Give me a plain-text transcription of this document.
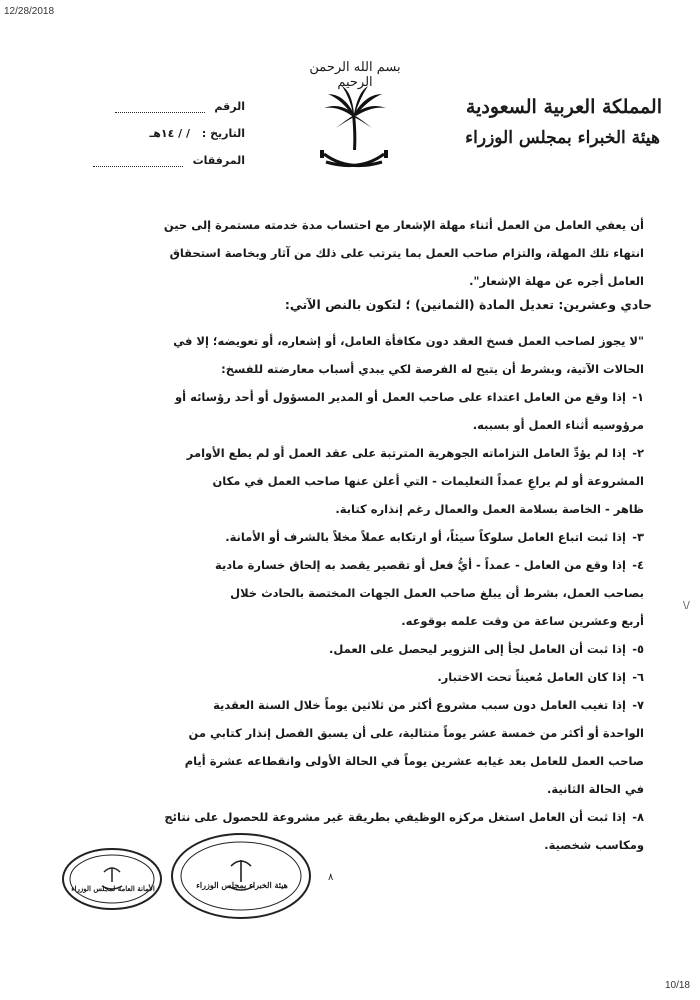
12/28/2018
بسم الله الرحمن الرحيم
المملكة العربية السعودية
هيئة الخبراء بمجلس الوزراء
الرقم
التاريخ : / / ١٤هـ
المرفقات

أن يعفي العامل من العمل أثناء مهلة الإشعار مع احتساب مدة خدمته مستمرة إلى حين

انتهاء تلك المهلة، والتزام صاحب العمل بما يترتب على ذلك من آثار وبخاصة استحقاق

العامل أجره عن مهلة الإشعار".

حادي وعشرين: تعديل المادة (الثمانين) ؛ لتكون بالنص الآتي:

"لا يجوز لصاحب العمل فسخ العقد دون مكافأة العامل، أو إشعاره، أو تعويضه؛ إلا في

الحالات الآتية، وبشرط أن يتيح له الفرصة لكي يبدي أسباب معارضته للفسخ:

١- إذا وقع من العامل اعتداء على صاحب العمل أو المدير المسؤول أو أحد رؤسائه أو

مرؤوسيه أثناء العمل أو بسببه.

٢- إذا لم يؤدِّ العامل التزاماته الجوهرية المترتبة على عقد العمل أو لم يطع الأوامر

المشروعة أو لم يراعِ عمداً التعليمات - التي أعلن عنها صاحب العمل في مكان

ظاهر - الخاصة بسلامة العمل والعمال رغم إنذاره كتابة.

٣- إذا ثبت اتباع العامل سلوكاً سيئاً، أو ارتكابه عملاً مخلاً بالشرف أو الأمانة.

٤- إذا وقع من العامل - عمداً - أيُّ فعل أو تقصير يقصد به إلحاق خسارة مادية

بصاحب العمل، بشرط أن يبلغ صاحب العمل الجهات المختصة بالحادث خلال

أربع وعشرين ساعة من وقت علمه بوقوعه.

٥- إذا ثبت أن العامل لجأ إلى التزوير ليحصل على العمل.

٦- إذا كان العامل مُعيناً تحت الاختبار.

٧- إذا تغيب العامل دون سبب مشروع أكثر من ثلاثين يوماً خلال السنة العقدية

الواحدة أو أكثر من خمسة عشر يوماً متتالية، على أن يسبق الفصل إنذار كتابي من

صاحب العمل للعامل بعد غيابه عشرين يوماً في الحالة الأولى وانقطاعه عشرة أيام

في الحالة الثانية.

٨- إذا ثبت أن العامل استغل مركزه الوظيفي بطريقة غير مشروعة للحصول على نتائج

ومكاسب شخصية.

الأمانة العامة لمجلس الوزراء	هيئة الخبراء بمجلس الوزراء
٨
\/
10/18
